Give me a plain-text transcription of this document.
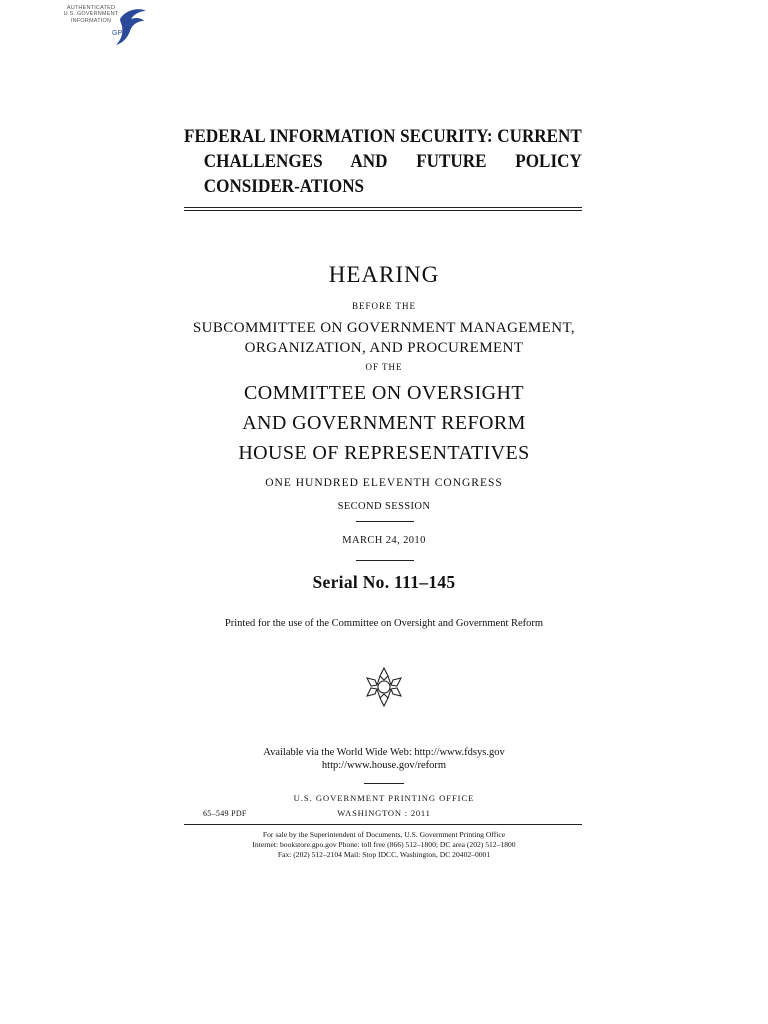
AUTHENTICATED
U.S. GOVERNMENT
INFORMATION
GPO
FEDERAL INFORMATION SECURITY: CURRENT CHALLENGES AND FUTURE POLICY CONSIDER-ATIONS
HEARING
BEFORE THE
SUBCOMMITTEE ON GOVERNMENT MANAGEMENT,
ORGANIZATION, AND PROCUREMENT
OF THE
COMMITTEE ON OVERSIGHT
AND GOVERNMENT REFORM
HOUSE OF REPRESENTATIVES
ONE HUNDRED ELEVENTH CONGRESS
SECOND SESSION
MARCH 24, 2010
Serial No. 111–145
Printed for the use of the Committee on Oversight and Government Reform
Available via the World Wide Web: http://www.fdsys.gov
http://www.house.gov/reform
U.S. GOVERNMENT PRINTING OFFICE
65–549 PDF	WASHINGTON : 2011
For sale by the Superintendent of Documents, U.S. Government Printing Office
Internet: bookstore.gpo.gov Phone: toll free (866) 512–1800; DC area (202) 512–1800
Fax: (202) 512–2104 Mail: Stop IDCC, Washington, DC 20402–0001
